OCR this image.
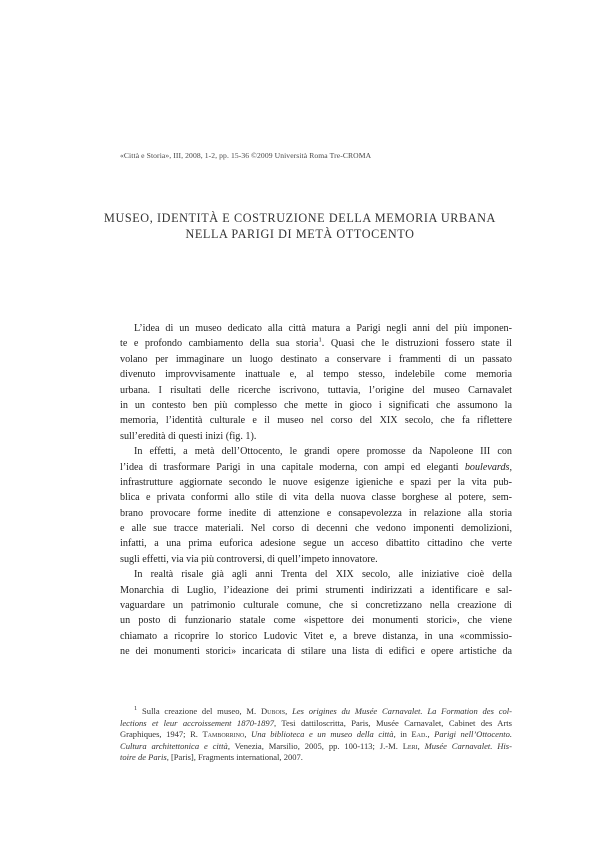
«Città e Storia», III, 2008, 1-2, pp. 15-36 ©2009 Università Roma Tre-CROMA
MUSEO, IDENTITÀ E COSTRUZIONE DELLA MEMORIA URBANA
NELLA PARIGI DI METÀ OTTOCENTO
L’idea di un museo dedicato alla città matura a Parigi negli anni del più imponen-
te e profondo cambiamento della sua storia$^1$. Quasi che le distruzioni fossero state il
volano per immaginare un luogo destinato a conservare i frammenti di un passato
divenuto improvvisamente inattuale e, al tempo stesso, indelebile come memoria
urbana. I risultati delle ricerche iscrivono, tuttavia, l’origine del museo Carnavalet
in un contesto ben più complesso che mette in gioco i significati che assumono la
memoria, l’identità culturale e il museo nel corso del XIX secolo, che fa riflettere
sull’eredità di questi inizi (fig. 1).
In effetti, a metà dell’Ottocento, le grandi opere promosse da Napoleone III con
l’idea di trasformare Parigi in una capitale moderna, con ampi ed eleganti boulevards,
infrastrutture aggiornate secondo le nuove esigenze igieniche e spazi per la vita pub-
blica e privata conformi allo stile di vita della nuova classe borghese al potere, sem-
brano provocare forme inedite di attenzione e consapevolezza in relazione alla storia
e alle sue tracce materiali. Nel corso di decenni che vedono imponenti demolizioni,
infatti, a una prima euforica adesione segue un acceso dibattito cittadino che verte
sugli effetti, via via più controversi, di quell’impeto innovatore.
In realtà risale già agli anni Trenta del XIX secolo, alle iniziative cioè della
Monarchia di Luglio, l’ideazione dei primi strumenti indirizzati a identificare e sal-
vaguardare un patrimonio culturale comune, che si concretizzano nella creazione di
un posto di funzionario statale come «ispettore dei monumenti storici», che viene
chiamato a ricoprire lo storico Ludovic Vitet e, a breve distanza, in una «commissio-
ne dei monumenti storici» incaricata di stilare una lista di edifici e opere artistiche da
$^1$ Sulla creazione del museo, M. Dubois, Les origines du Musée Carnavalet. La Formation des col-
lections et leur accroissement 1870-1897, Tesi dattiloscritta, Paris, Musée Carnavalet, Cabinet des Arts
Graphiques, 1947; R. Tamborrino, Una biblioteca e un museo della città, in Ead., Parigi nell’Ottocento.
Cultura architettonica e città, Venezia, Marsilio, 2005, pp. 100-113; J.-M. Leri, Musée Carnavalet. His-
toire de Paris, [Paris], Fragments international, 2007.
